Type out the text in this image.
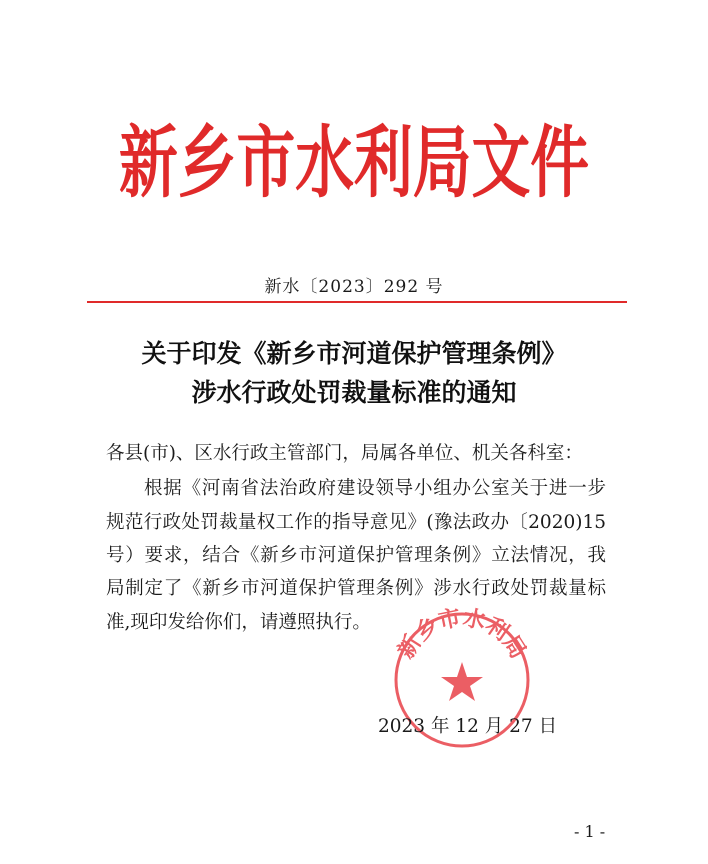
新乡市水利局文件
新水〔2023〕292 号
关于印发《新乡市河道保护管理条例》
涉水行政处罚裁量标准的通知
各县(市)、区水行政主管部门，局属各单位、机关各科室：
根据《河南省法治政府建设领导小组办公室关于进一步
规范行政处罚裁量权工作的指导意见》(豫法政办〔2020)15
号）要求，结合《新乡市河道保护管理条例》立法情况，我
局制定了《新乡市河道保护管理条例》涉水行政处罚裁量标
准,现印发给你们，请遵照执行。
新乡市水利局
2023 年 12 月 27 日
- 1 -
